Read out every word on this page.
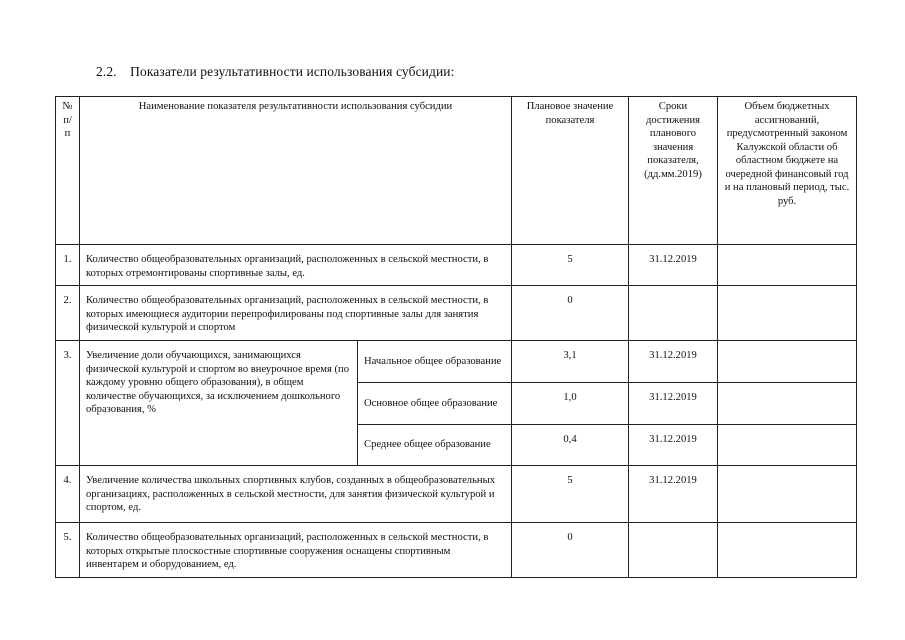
2.2. Показатели результативности использования субсидии:
№ п/п	Наименование показателя результативности использования субсидии		Плановое значение показателя	Сроки достижения планового значения показателя, (дд.мм.2019)	Объем бюджетных ассигнований, предусмотренный законом Калужской области об областном бюджете на очередной финансовый год и на плановый период, тыс. руб.
1.	Количество общеобразовательных организаций, расположенных в сельской местности, в которых отремонтированы спортивные залы, ед.		5	31.12.2019	
2.	Количество общеобразовательных организаций, расположенных в сельской местности, в которых имеющиеся аудитории перепрофилированы под спортивные залы для занятия физической культурой и спортом		0		
3.	Увеличение доли обучающихся, занимающихся физической культурой и спортом во внеурочное время (по каждому уровню общего образования), в общем количестве обучающихся, за исключением дошкольного образования, %	Начальное общее образование	3,1	31.12.2019	
		Основное общее образование	1,0	31.12.2019	
		Среднее общее образование	0,4	31.12.2019	
4.	Увеличение количества школьных спортивных клубов, созданных в общеобразовательных организациях, расположенных в сельской местности, для занятия физической культурой и спортом, ед.		5	31.12.2019	
5.	Количество общеобразовательных организаций, расположенных в сельской местности, в которых открытые плоскостные спортивные сооружения оснащены спортивным инвентарем и оборудованием, ед.		0		
